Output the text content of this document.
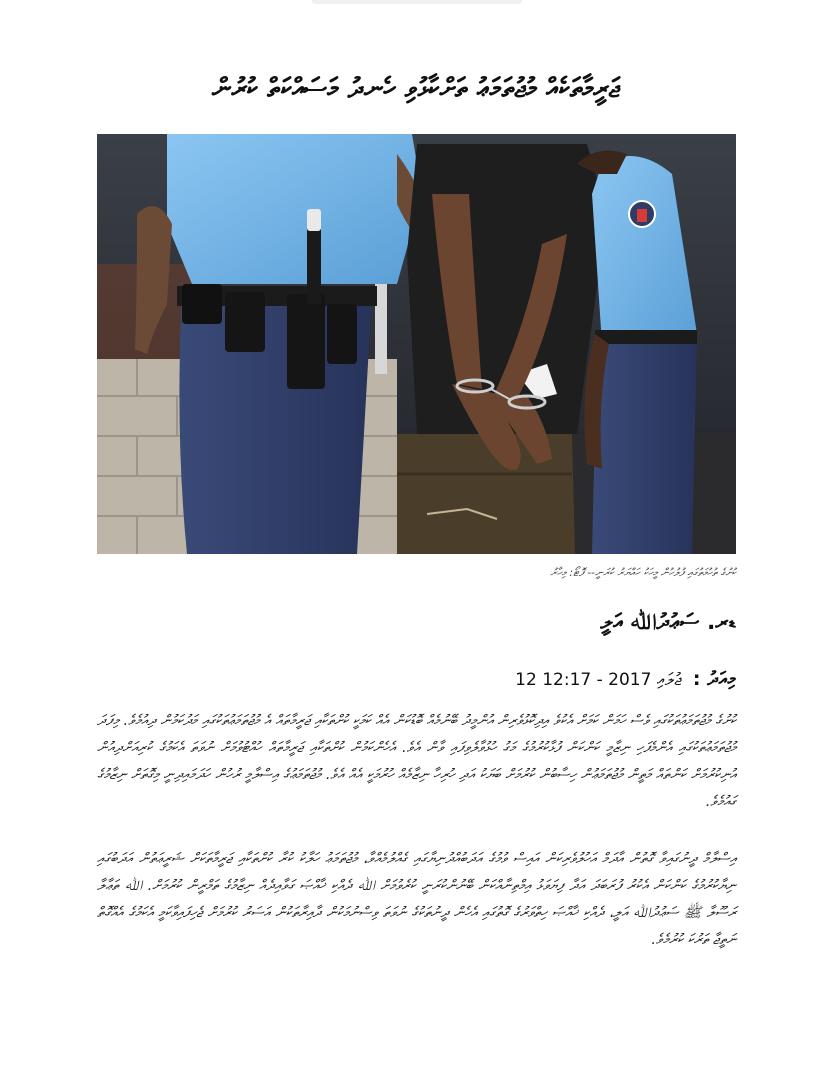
ޖަރީމާތަކެއް މުޖުތަމަޢު ތަށްކާޅުވި ހެނދު މަސައްކަތް ކުރުން
ކުށުގެ ތުހުމަތުގައި ފުލުހުން މީހަކު ހައްޔަރު ކުރަނީ-- ފޮޓޯ: މިހާރު
ޑރ. ސަޢުދުﷲ އަލީ
މިއަދު : 12 ޖުލައި 2017 - 12:17
ކުށުގެ މުޖުތަމަޢުތަކުގައި ވެސް ހަމަން ކަމަށް އެކުވެ އިދިކޮޅުވެރިން އުންމީދު ބޭނުމެއް ބޮޑުކަން އެއް ކަމަކީ ކުށްތަކާއި ޖަރީމާތައް އެ މުޖުތަމަޢުތަކުގައި މަދުކަމުން ދިއުމެވެ. މިފަދަ މުޖުތަމަޢުތަކުގައި އެންމެފަހި ނިޒާމީ ކަންކަން ފުޅާކުރުމުގެ މަގު ހުޅުވާލެވިފައި ވާން އެވެ. އެހެންކަމުން ކުށްތަކާއި ޖަރީމާތައް ހުއްޓުވުމަށް ނުވަތަ އެކަމުގެ ކުރިއަށްދިއުން އުނިކުރުމަށް ކަންތައް މަތީން މުޖުތަމަޢުން ހިސާބުން ކުރުމަށް ބަޔަކު އަދި ހުރިހާ ނިޒާމެއް ހުރުމަކީ އެއް އެވެ. މުޖުތަމަޢުގެ އިސްލާމީ ރުހުން ހަދަމައިދިނީ މިގޮތަށް ނިޒާމުގެ ގައުމެވެ.
އިސްލާމް ދީނުގައިވާ ގޮތުން އާދަމް އަހުލުވެރިކަން އައިސް ވުމުގެ އަދަބުއްދުނިޔާގައި ގެއްލުމެއްވާ، މުޖުތަމަޢު ހަލާކު ކުރާ ކުށްތަކާއި ޖަރީމާތަކަށް ޝަރީޢަތުން އަދަބުގައި ނިޔާކުރުމުގެ ކަންކަން އެކުރު ފުރަބަދަ އަދާ ފިޔަވަޅު އިމްތިނާއްކަން ބޭނުންކުރަނީ ކުރެވުމަށް ﷲ ދެއްކި ޚާއްޞަ ގަވާއިދެއް ނިޒާމުގެ ތަމްރީން ކުރުމަށް. ﷲ ތަޢާލާ ރަސޫލާ ﷺ ސަޢުދުﷲ އަލީ، ދެއްކި ޚާއްޞަ ހިތްވަރުގެ ގޮތުގައި އެހެން ދީނުތަކުގެ ނުވަތަ ވިސްނުމަކުން ދާއިރާތަކުން އަސަރު ކުރުމަށް ޖެހިފައިވާކަމީ އެކަމުގެ އެއްގޮތް ނަތީޖާ ތަރުކަ ކުރުމެވެ.
